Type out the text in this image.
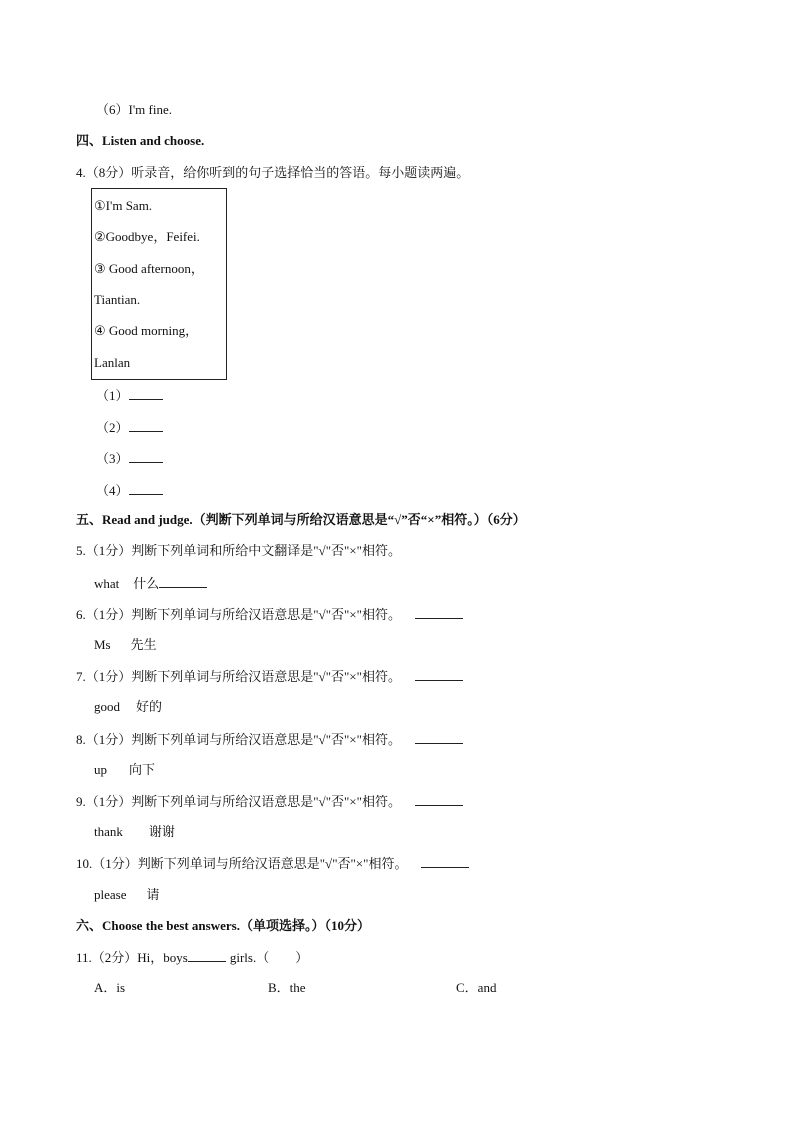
（6）I'm fine.
四、Listen and choose.
4.（8分）听录音，给你听到的句子选择恰当的答语。每小题读两遍。
①I'm Sam.
②Goodbye，Feifei.
③ Good afternoon，
Tiantian.
④ Good morning，
Lanlan
（1）
（2）
（3）
（4）
五、Read and judge.（判断下列单词与所给汉语意思是“√”否“×”相符。）（6分）
5.（1分）判断下列单词和所给中文翻译是"√"否"×"相符。
what 什么
6.（1分）判断下列单词与所给汉语意思是"√"否"×"相符。
Ms 先生
7.（1分）判断下列单词与所给汉语意思是"√"否"×"相符。
good 好的
8.（1分）判断下列单词与所给汉语意思是"√"否"×"相符。
up 向下
9.（1分）判断下列单词与所给汉语意思是"√"否"×"相符。
thank 谢谢
10.（1分）判断下列单词与所给汉语意思是"√"否"×"相符。
please 请
六、Choose the best answers.（单项选择。）（10分）
11.（2分）Hi，boys	girls.（　　）
A．is	B．the	C．and
